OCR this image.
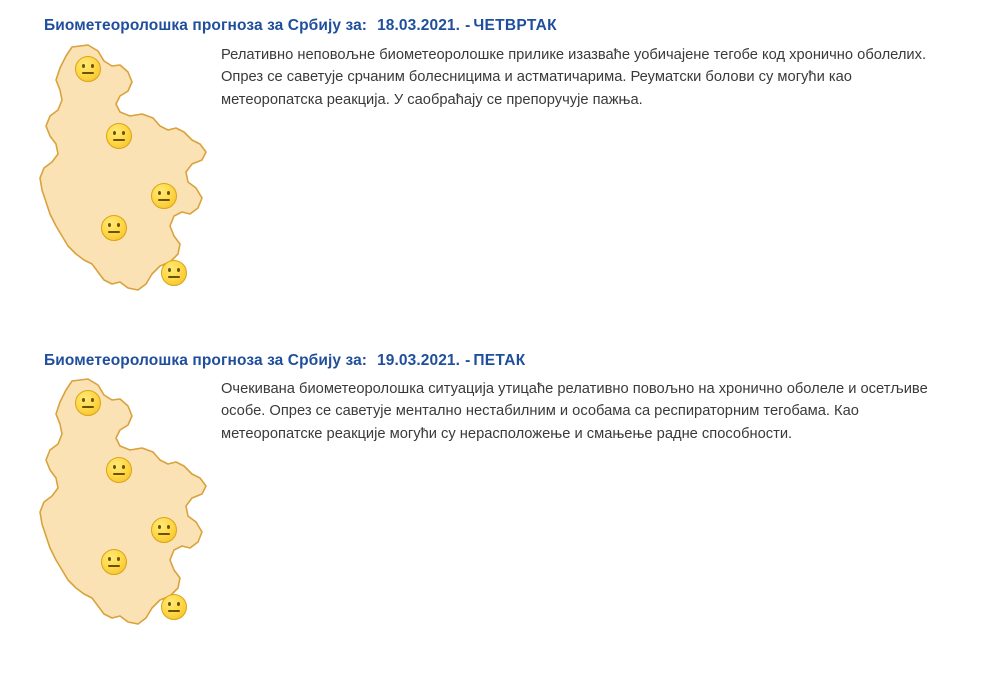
Биометеоролошка прогноза за Србију за: 18.03.2021. - ЧЕТВРТАК
Релативно неповољне биометеоролошке прилике изазваће уобичајене тегобе код хронично оболелих. Опрез се саветује срчаним болесницима и астматичарима. Реуматски болови су могући као метеоропатска реакција. У саобраћају се препоручује пажња.
Биометеоролошка прогноза за Србију за: 19.03.2021. - ПЕТАК
Очекивана биометеоролошка ситуација утицаће релативно повољно на хронично оболеле и осетљиве особе. Опрез се саветује ментално нестабилним и особама са респираторним тегобама. Као метеоропатске реакције могући су нерасположење и смањење радне способности.
